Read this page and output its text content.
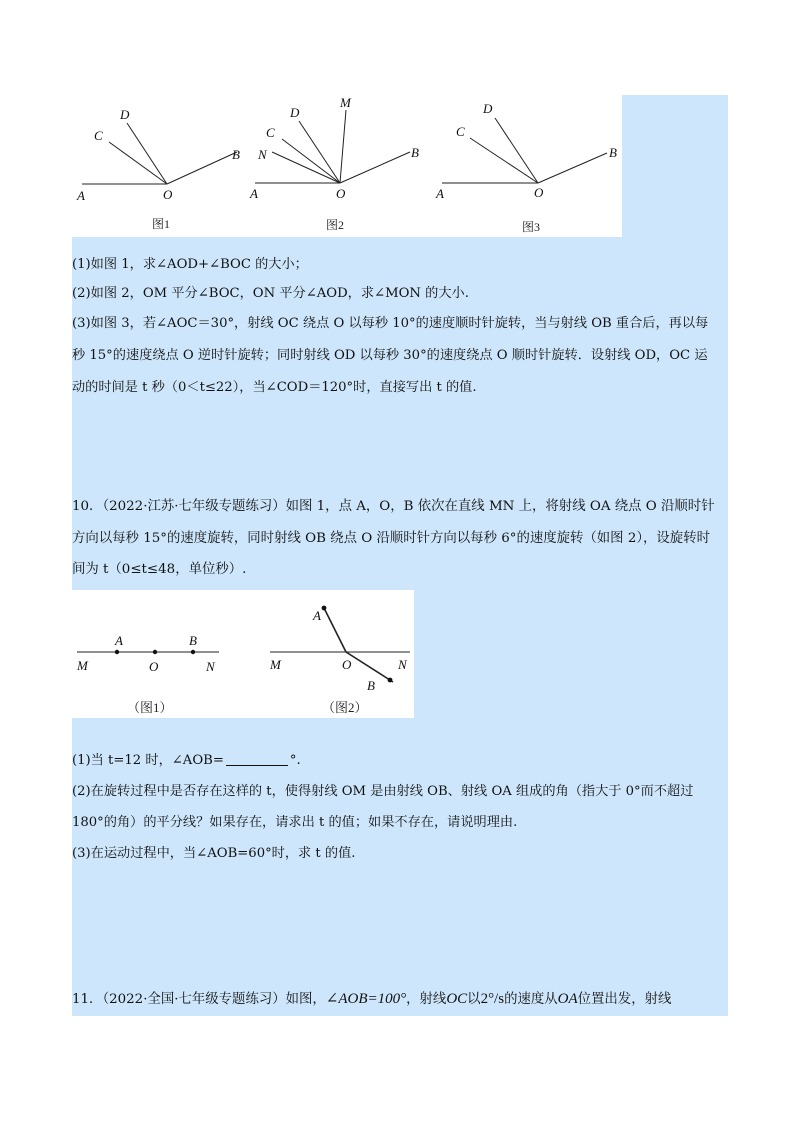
A	O
B
C
D
图1
A	O
B
N
C
D
M
图2
A	O
B
C
D
图3
(1)如图 1，求∠AOD+∠BOC 的大小；
(2)如图 2，OM 平分∠BOC，ON 平分∠AOD，求∠MON 的大小.
(3)如图 3，若∠AOC＝30°，射线 OC 绕点 O 以每秒 10°的速度顺时针旋转，当与射线 OB 重合后，再以每
秒 15°的速度绕点 O 逆时针旋转；同时射线 OD 以每秒 30°的速度绕点 O 顺时针旋转．设射线 OD，OC 运
动的时间是 t 秒（0＜t≤22），当∠COD＝120°时，直接写出 t 的值.
10．（2022·江苏·七年级专题练习）如图 1，点 A，O，B 依次在直线 MN 上，将射线 OA 绕点 O 沿顺时针
方向以每秒 15°的速度旋转，同时射线 OB 绕点 O 沿顺时针方向以每秒 6°的速度旋转（如图 2），设旋转时
间为 t（0≤t≤48，单位秒）.
M
A
O
B
N
（图1）
A
M	O	N
B
（图2）
(1)当 t=12 时，∠AOB=	°.
(2)在旋转过程中是否存在这样的 t，使得射线 OM 是由射线 OB、射线 OA 组成的角（指大于 0°而不超过
180°的角）的平分线？如果存在，请求出 t 的值；如果不存在，请说明理由.
(3)在运动过程中，当∠AOB=60°时，求 t 的值.
11．（2022·全国·七年级专题练习）如图，∠AOB=100°，射线OC以2°/s的速度从OA位置出发，射线
